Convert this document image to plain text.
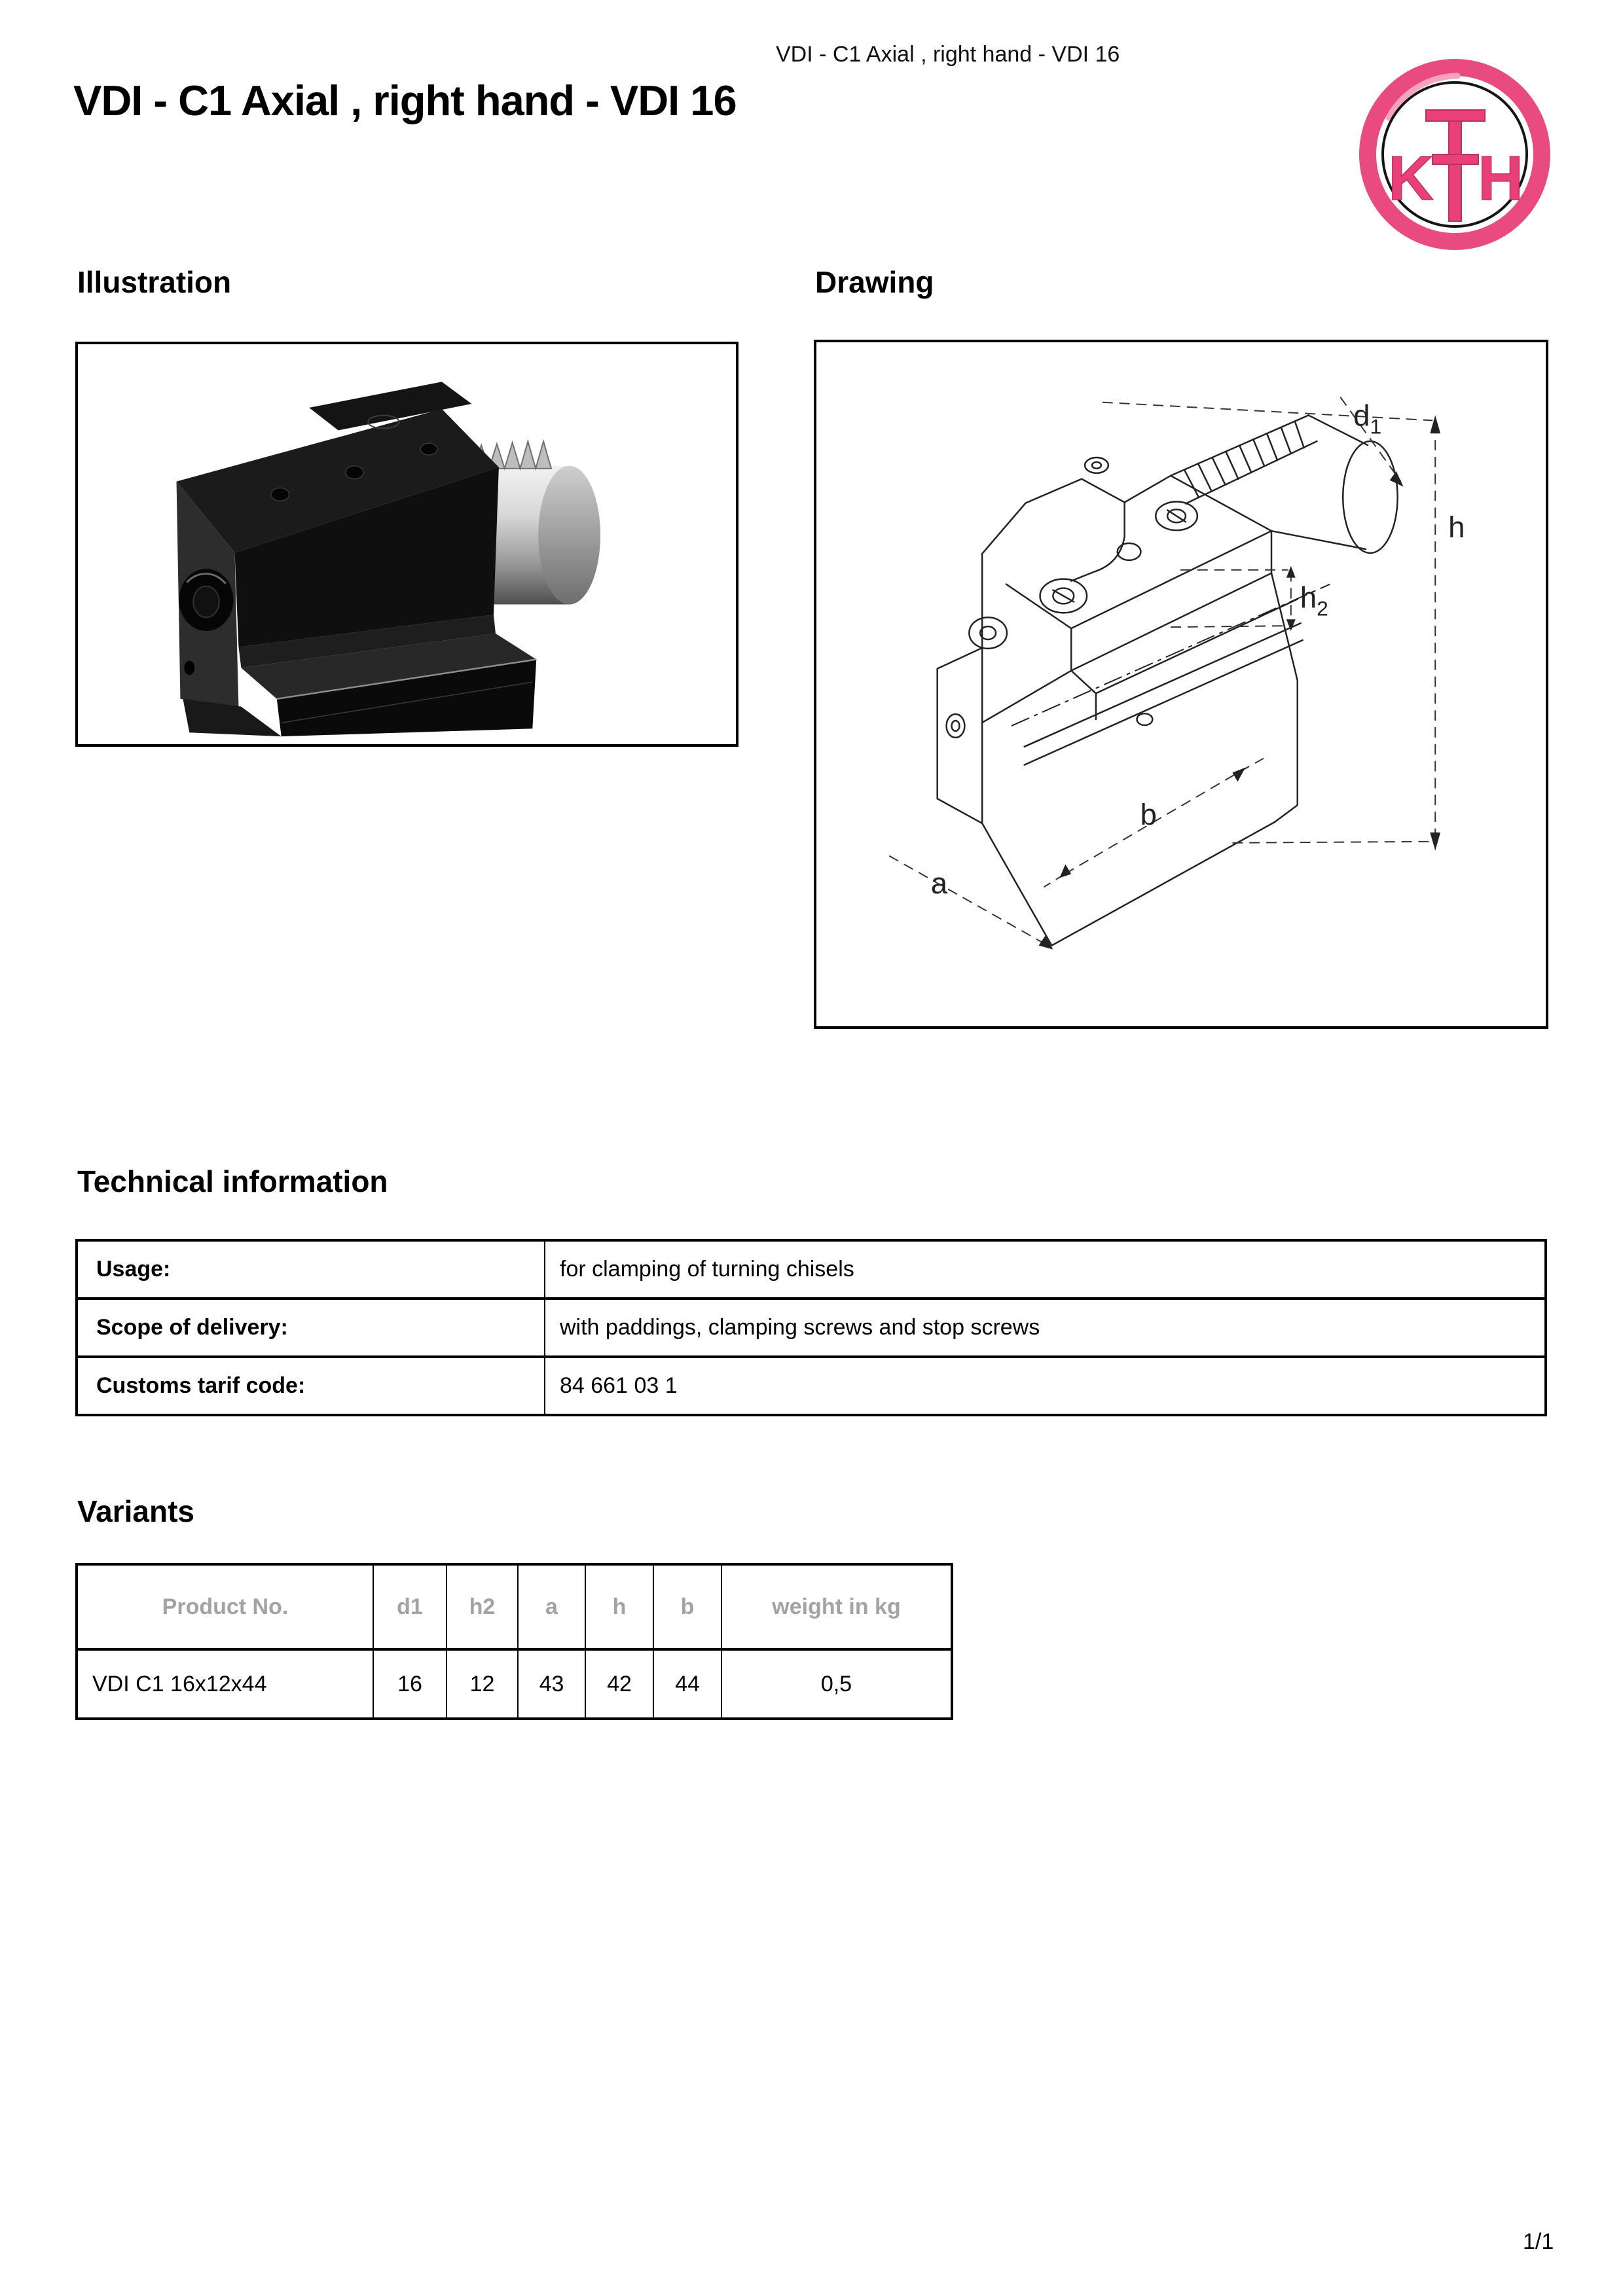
VDI - C1 Axial , right hand - VDI 16
VDI - C1 Axial , right hand - VDI 16
K H
Illustration	Drawing
$d_1$
h
$h_2$
b
a
Technical information
Usage:	for clamping of turning chisels
Scope of delivery:	with paddings, clamping screws and stop screws
Customs tarif code:	84 661 03 1
Variants
Product No.	d1	h2	a	h	b	weight in kg
VDI C1 16x12x44	16	12	43	42	44	0,5
1/1
